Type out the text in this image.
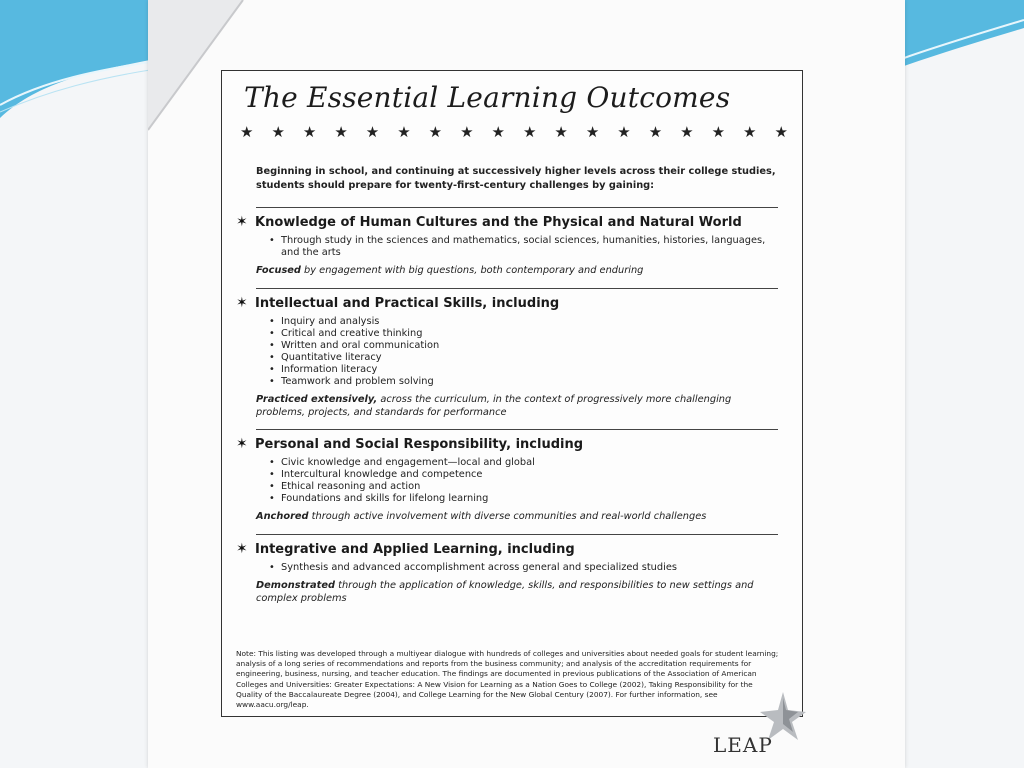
The Essential Learning Outcomes
★ ★ ★ ★ ★ ★ ★ ★ ★ ★ ★ ★ ★ ★ ★ ★ ★ ★
Beginning in school, and continuing at successively higher levels across their college studies, students should prepare for twenty-first-century challenges by gaining:
✶ Knowledge of Human Cultures and the Physical and Natural World
• Through study in the sciences and mathematics, social sciences, humanities, histories, languages, and the arts
Focused by engagement with big questions, both contemporary and enduring
✶ Intellectual and Practical Skills, including
• Inquiry and analysis
• Critical and creative thinking
• Written and oral communication
• Quantitative literacy
• Information literacy
• Teamwork and problem solving
Practiced extensively, across the curriculum, in the context of progressively more challenging problems, projects, and standards for performance
✶ Personal and Social Responsibility, including
• Civic knowledge and engagement—local and global
• Intercultural knowledge and competence
• Ethical reasoning and action
• Foundations and skills for lifelong learning
Anchored through active involvement with diverse communities and real-world challenges
✶ Integrative and Applied Learning, including
• Synthesis and advanced accomplishment across general and specialized studies
Demonstrated through the application of knowledge, skills, and responsibilities to new settings and complex problems
Note: This listing was developed through a multiyear dialogue with hundreds of colleges and universities about needed goals for student learning; analysis of a long series of recommendations and reports from the business community; and analysis of the accreditation requirements for engineering, business, nursing, and teacher education. The findings are documented in previous publications of the Association of American Colleges and Universities: Greater Expectations: A New Vision for Learning as a Nation Goes to College (2002), Taking Responsibility for the Quality of the Baccalaureate Degree (2004), and College Learning for the New Global Century (2007). For further information, see www.aacu.org/leap.
LEAP
